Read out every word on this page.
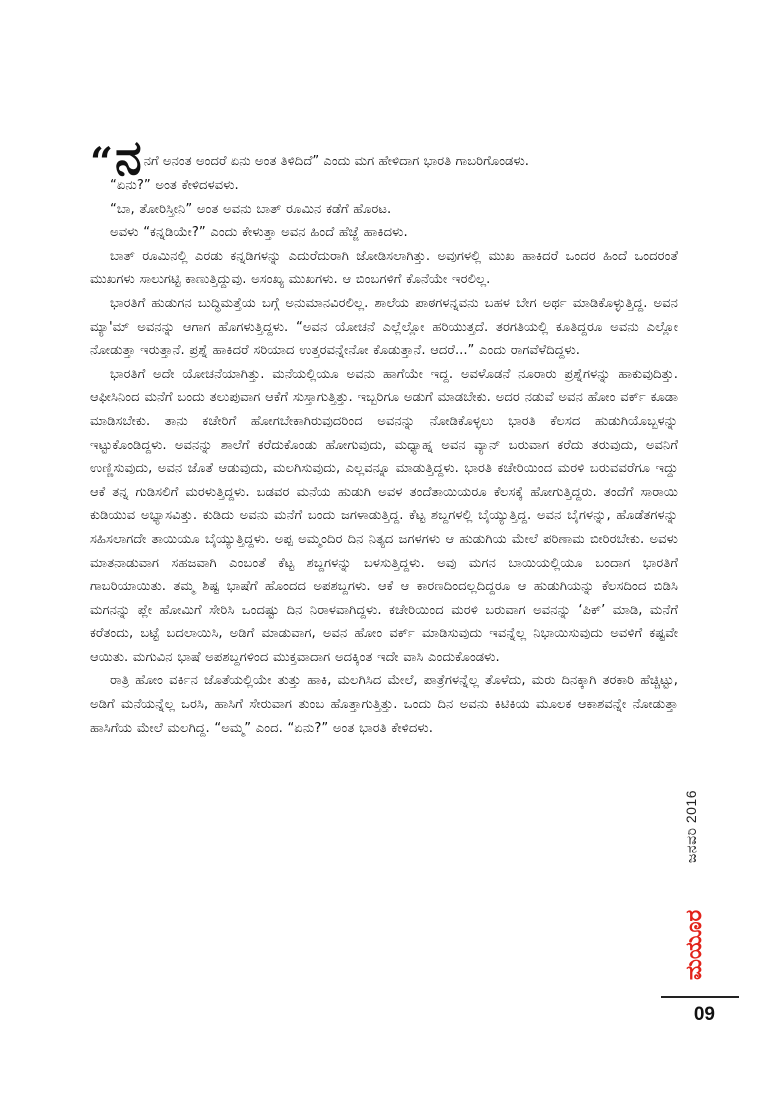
“ ನ ನಗೆ ಅನಂತ ಅಂದರೆ ಏನು ಅಂತ ತಿಳಿದಿದೆ” ಎಂದು ಮಗ ಹೇಳಿದಾಗ ಭಾರತಿ ಗಾಬರಿಗೊಂಡಳು.

“ಏನು?” ಅಂತ ಕೇಳಿದಳವಳು.

“ಬಾ, ತೋರಿಸ್ತೀನಿ” ಅಂತ ಅವನು ಬಾತ್ ರೂಮಿನ ಕಡೆಗೆ ಹೊರಟ.

ಅವಳು “ಕನ್ನಡಿಯೇ?” ಎಂದು ಕೇಳುತ್ತಾ ಅವನ ಹಿಂದೆ ಹೆಜ್ಜೆ ಹಾಕಿದಳು.

ಬಾತ್ ರೂಮಿನಲ್ಲಿ ಎರಡು ಕನ್ನಡಿಗಳನ್ನು ಎದುರೆದುರಾಗಿ ಜೋಡಿಸಲಾಗಿತ್ತು. ಅವುಗಳಲ್ಲಿ ಮುಖ ಹಾಕಿದರೆ ಒಂದರ ಹಿಂದೆ ಒಂದರಂತೆ ಮುಖಗಳು ಸಾಲುಗಟ್ಟಿ ಕಾಣುತ್ತಿದ್ದುವು. ಅಸಂಖ್ಯ ಮುಖಗಳು. ಆ ಬಿಂಬಗಳಿಗೆ ಕೊನೆಯೇ ಇರಲಿಲ್ಲ.

ಭಾರತಿಗೆ ಹುಡುಗನ ಬುದ್ಧಿಮತ್ತೆಯ ಬಗ್ಗೆ ಅನುಮಾನವಿರಲಿಲ್ಲ. ಶಾಲೆಯ ಪಾಠಗಳನ್ನವನು ಬಹಳ ಬೇಗ ಅರ್ಥ ಮಾಡಿಕೊಳ್ಳುತ್ತಿದ್ದ. ಅವನ ಮ್ಯಾ'ಮ್ ಅವನನ್ನು ಆಗಾಗ ಹೊಗಳುತ್ತಿದ್ದಳು. “ಅವನ ಯೋಚನೆ ಎಲ್ಲೆಲ್ಲೋ ಹರಿಯುತ್ತದೆ. ತರಗತಿಯಲ್ಲಿ ಕೂತಿದ್ದರೂ ಅವನು ಎಲ್ಲೋ ನೋಡುತ್ತಾ ಇರುತ್ತಾನೆ. ಪ್ರಶ್ನೆ ಹಾಕಿದರೆ ಸರಿಯಾದ ಉತ್ತರವನ್ನೇನೋ ಕೊಡುತ್ತಾನೆ. ಆದರೆ...” ಎಂದು ರಾಗವೆಳೆದಿದ್ದಳು.

ಭಾರತಿಗೆ ಅದೇ ಯೋಚನೆಯಾಗಿತ್ತು. ಮನೆಯಲ್ಲಿಯೂ ಅವನು ಹಾಗೆಯೇ ಇದ್ದ. ಅವಳೊಡನೆ ನೂರಾರು ಪ್ರಶ್ನೆಗಳನ್ನು ಹಾಕುವುದಿತ್ತು. ಆಫೀಸಿನಿಂದ ಮನೆಗೆ ಬಂದು ತಲುಪುವಾಗ ಆಕೆಗೆ ಸುಸ್ತಾಗುತ್ತಿತ್ತು. ಇಬ್ಬರಿಗೂ ಅಡುಗೆ ಮಾಡಬೇಕು. ಅದರ ನಡುವೆ ಅವನ ಹೋಂ ವರ್ಕ್ ಕೂಡಾ ಮಾಡಿಸಬೇಕು. ತಾನು ಕಚೇರಿಗೆ ಹೋಗಬೇಕಾಗಿರುವುದರಿಂದ ಅವನನ್ನು ನೋಡಿಕೊಳ್ಳಲು ಭಾರತಿ ಕೆಲಸದ ಹುಡುಗಿಯೊಬ್ಬಳನ್ನು ಇಟ್ಟುಕೊಂಡಿದ್ದಳು. ಅವನನ್ನು ಶಾಲೆಗೆ ಕರೆದುಕೊಂಡು ಹೋಗುವುದು, ಮಧ್ಯಾಹ್ನ ಅವನ ವ್ಯಾನ್ ಬರುವಾಗ ಕರೆದು ತರುವುದು, ಅವನಿಗೆ ಉಣ್ಣಿಸುವುದು, ಅವನ ಜೊತೆ ಆಡುವುದು, ಮಲಗಿಸುವುದು, ಎಲ್ಲವನ್ನೂ ಮಾಡುತ್ತಿದ್ದಳು. ಭಾರತಿ ಕಚೇರಿಯಿಂದ ಮರಳಿ ಬರುವವರೆಗೂ ಇದ್ದು ಆಕೆ ತನ್ನ ಗುಡಿಸಲಿಗೆ ಮರಳುತ್ತಿದ್ದಳು. ಬಡವರ ಮನೆಯ ಹುಡುಗಿ ಅವಳ ತಂದೆತಾಯಿಯರೂ ಕೆಲಸಕ್ಕೆ ಹೋಗುತ್ತಿದ್ದರು. ತಂದೆಗೆ ಸಾರಾಯಿ ಕುಡಿಯುವ ಅಭ್ಯಾಸವಿತ್ತು. ಕುಡಿದು ಅವನು ಮನೆಗೆ ಬಂದು ಜಗಳಾಡುತ್ತಿದ್ದ. ಕೆಟ್ಟ ಶಬ್ದಗಳಲ್ಲಿ ಬೈಯ್ಯುತ್ತಿದ್ದ. ಅವನ ಬೈಗಳನ್ನು, ಹೊಡೆತಗಳನ್ನು ಸಹಿಸಲಾಗದೇ ತಾಯಿಯೂ ಬೈಯ್ಯುತ್ತಿದ್ದಳು. ಅಪ್ಪ ಅಮ್ಮಂದಿರ ದಿನ ನಿತ್ಯದ ಜಗಳಗಳು ಆ ಹುಡುಗಿಯ ಮೇಲೆ ಪರಿಣಾಮ ಬೀರಿರಬೇಕು. ಅವಳು ಮಾತನಾಡುವಾಗ ಸಹಜವಾಗಿ ಎಂಬಂತೆ ಕೆಟ್ಟ ಶಬ್ದಗಳನ್ನು ಬಳಸುತ್ತಿದ್ದಳು. ಅವು ಮಗನ ಬಾಯಿಯಲ್ಲಿಯೂ ಬಂದಾಗ ಭಾರತಿಗೆ ಗಾಬರಿಯಾಯಿತು. ತಮ್ಮ ಶಿಷ್ಟ ಭಾಷೆಗೆ ಹೊಂದದ ಅಪಶಬ್ದಗಳು. ಆಕೆ ಆ ಕಾರಣದಿಂದಲ್ಲದಿದ್ದರೂ ಆ ಹುಡುಗಿಯನ್ನು ಕೆಲಸದಿಂದ ಬಿಡಿಸಿ ಮಗನನ್ನು ಪ್ಲೇ ಹೋಮಿಗೆ ಸೇರಿಸಿ ಒಂದಷ್ಟು ದಿನ ನಿರಾಳವಾಗಿದ್ದಳು. ಕಚೇರಿಯಿಂದ ಮರಳಿ ಬರುವಾಗ ಅವನನ್ನು ‘ಪಿಕ್’ ಮಾಡಿ, ಮನೆಗೆ ಕರೆತಂದು, ಬಟ್ಟೆ ಬದಲಾಯಿಸಿ, ಅಡಿಗೆ ಮಾಡುವಾಗ, ಅವನ ಹೋಂ ವರ್ಕ್ ಮಾಡಿಸುವುದು ಇವನ್ನೆಲ್ಲ ನಿಭಾಯಿಸುವುದು ಅವಳಿಗೆ ಕಷ್ಟವೇ ಆಯಿತು. ಮಗುವಿನ ಭಾಷೆ ಅಪಶಬ್ದಗಳಿಂದ ಮುಕ್ತವಾದಾಗ ಅದಕ್ಕಿಂತ ಇದೇ ವಾಸಿ ಎಂದುಕೊಂಡಳು.

ರಾತ್ರಿ ಹೋಂ ವರ್ಕಿನ ಜೊತೆಯಲ್ಲಿಯೇ ತುತ್ತು ಹಾಕಿ, ಮಲಗಿಸಿದ ಮೇಲೆ, ಪಾತ್ರೆಗಳನ್ನೆಲ್ಲ ತೊಳೆದು, ಮರು ದಿನಕ್ಕಾಗಿ ತರಕಾರಿ ಹೆಚ್ಚಿಟ್ಟು, ಅಡಿಗೆ ಮನೆಯನ್ನೆಲ್ಲ ಒರಸಿ, ಹಾಸಿಗೆ ಸೇರುವಾಗ ತುಂಬ ಹೊತ್ತಾಗುತ್ತಿತ್ತು. ಒಂದು ದಿನ ಅವನು ಕಿಟಿಕಿಯ ಮೂಲಕ ಆಕಾಶವನ್ನೇ ನೋಡುತ್ತಾ ಹಾಸಿಗೆಯ ಮೇಲೆ ಮಲಗಿದ್ದ. “ಅಮ್ಮ” ಎಂದ. “ಏನು?” ಅಂತ ಭಾರತಿ ಕೇಳಿದಳು.

ಜನವರಿ 2016
ಮಯೂರ
09
